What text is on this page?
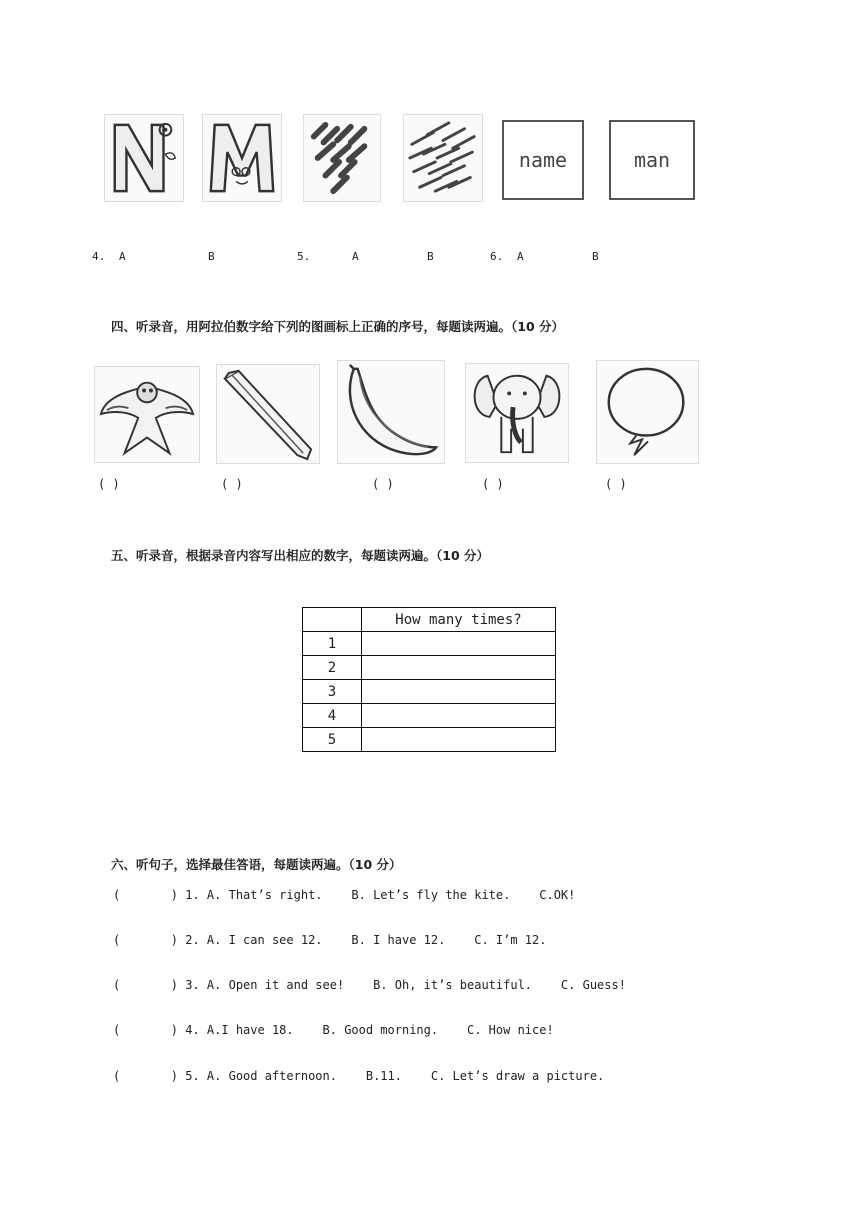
name	man
4. A	B	5.	A	B	6. A	B
四、听录音，用阿拉伯数字给下列的图画标上正确的序号，每题读两遍。（10 分）
( )	( )	( )	( )	( )
五、听录音，根据录音内容写出相应的数字，每题读两遍。（10 分）
	How many times?
1	
2	
3	
4	
5	
六、听句子，选择最佳答语，每题读两遍。（10 分）
(       ) 1. A. That’s right.    B. Let’s fly the kite.    C.OK!
(       ) 2. A. I can see 12.    B. I have 12.    C. I’m 12.
(       ) 3. A. Open it and see!    B. Oh, it’s beautiful.    C. Guess!
(       ) 4. A.I have 18.    B. Good morning.    C. How nice!
(       ) 5. A. Good afternoon.    B.11.    C. Let’s draw a picture.
